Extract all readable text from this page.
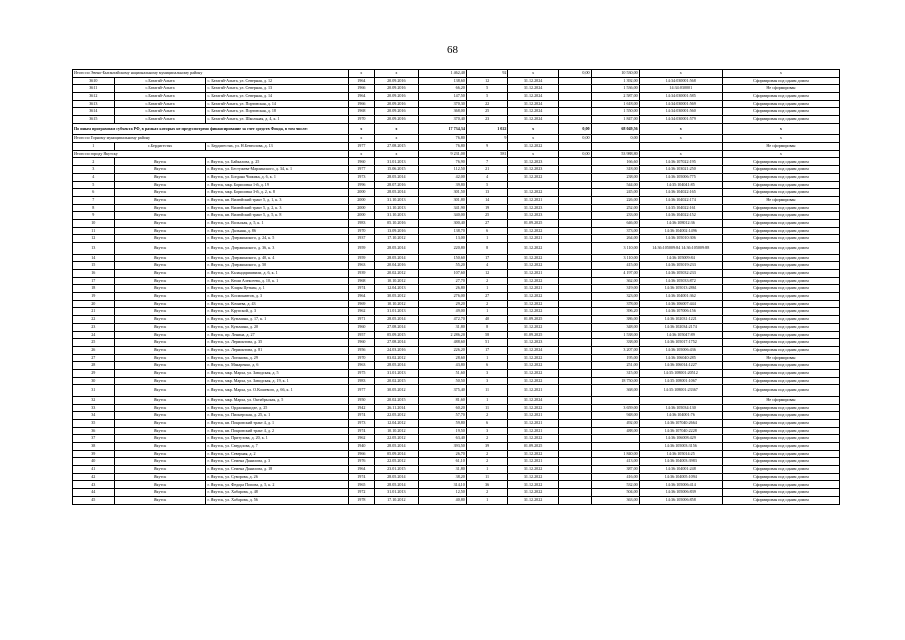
68
Итого по Эвено-Бытантайскому национальному муниципальному району			x	x	1 462,40	92	x	0,00	10 530,00	x	x
3610	с.Батагай-Алыта	с. Батагай-Алыта, ул. Северная, д. 12	1964	20.09.2016	138,60	12	31.12.2024		1 392,00	14:34:030001:568	Сформирован под одним домом
3611	с.Батагай-Алыта	с. Батагай-Алыта, ул. Северная, д. 13	1966	20.09.2016	66,20	5	31.12.2024		1 536,00	14:34:030001	Не сформирован
3612	с.Батагай-Алыта	с. Батагай-Алыта, ул. Северная, д. 14	1964	20.09.2016	147,50	5	31.12.2024		2 587,00	14:34:030001:585	Сформирован под одним домом
3613	с.Батагай-Алыта	с. Батагай-Алыта, ул. Портовская, д. 14	1966	20.09.2016	370,30	22	31.12.2024		1 618,00	14:34:030001:569	Сформирован под одним домом
3614	с.Батагай-Алыта	с. Батагай-Алыта, ул. Портовская, д. 18	1968	20.09.2016	368,00	25	31.12.2024		1 550,00	14:34:030001:560	Сформирован под одним домом
3615	с.Батагай-Алыта	с. Батагай-Алыта, ул. Школьная, д. 4, к. 1	1970	20.09.2016	370,40	23	31.12.2024		1 847,00	14:34:030001:579	Сформирован под одним домом
По иным программам субъекта РФ, в рамках которых не предусмотрено финансирование за счет средств Фонда, в том числе:			x	x	17 734,34	1 022	x	0,00	68 049,56	x	x
Итого по Горному муниципальному району			x	x	76,80	9	x	0,00	0,00	x	x
1	с.Бердигестях	с. Бердигестях, ул. Н.Бевеолова, д. 13	1977	27.08.2015	76,80	9	31.12.2022				Не сформирован
Итого по городу Якутску			x	x	9 231,00	581	x	0,00	53 988,80	x	x
2	Якутск	г. Якутск, ул. Байкалова, д. 25	1960	31.01.2013	76,90	7	31.12.2023		166,60	14:36:107022:195	Сформирован под одним домом
3	Якутск	г. Якутск, ул. Бестужева-Марлинского, д. 34, к. 1	1977	15.06.2015	112,50	21	31.12.2023		318,00	14:36:103021:250	Сформирован под одним домом
4	Якутск	г. Якутск, ул. Богдана Чижика, д. 6, к. 1	1973	28.05.2014	42,00	4	31.12.2022		238,00	14:36:105006:775	Сформирован под одним домом
5	Якутск	г. Якутск, мкр. Борисовка 1-й, д. 19	1996	28.07.2016	39,80	5			544,00	14:35:104041:85	Сформирован под одним домом
6	Якутск	г. Якутск, мкр. Борисовка 3-й, д. 2, к. 8	2000	28.05.2014	301,50	13	31.12.2022		245,00	14:36:104022:165	Сформирован под одним домом
7	Якутск	г. Якутск, кв. Вилюйский тракт 5, д. 1, к. 3	2000	31.10.2013	301,80	14	31.12.2021		226,00	14:36:104022:174	Не сформирован
8	Якутск	г. Якутск, кв. Вилюйский тракт 5, д. 2, к. 3	2000	31.10.2013	341,90	19	31.12.2023		252,00	14:35:104022:161	Сформирован под одним домом
9	Якутск	г. Якутск, кв. Вилюйский тракт 5, д. 5, к. 8	2000	31.10.2013	340,00	25	31.12.2023		233,00	14:36:104022:152	Сформирован под одним домом
10	Якутск	г. Якутск, ул. Вольская, д. 5, к. 1	1983	05.10.2016	300,40	27	01.09.2025		646,00	14:36:108012:36	Сформирован под одним домом
11	Якутск	г. Якутск, ул. Дальняя, д. 86	1970	13.09.2016	138,70	6	31.12.2022		373,00	14:36:104002:1496	Сформирован под одним домом
12	Якутск	г. Якутск, ул. Дзержинского, д. 24, к. 5	1937	17.10.2012	13,00	1	31.12.2021		264,00	14:36:105010:306	Сформирован под одним домом
13	Якутск	г. Якутск, ул. Дзержинского, д. 36, к. 3	1959	28.05.2014	220,80	8	31.12.2022		3 110,00	14:36:105009:84 14:36:105009:88	Сформирован под одним домом
14	Якутск	г. Якутск, ул. Дзержинского, д. 40, к. 4	1959	28.05.2014	150,60	17	31.12.2022		3 110,00	14:36:105009:84	Сформирован под одним домом
15	Якутск	г. Якутск, ул. Дзержинского, д. 50	1963	20.04.2016	55,20	4	31.12.2022		415,00	14:36:105019:233	Сформирован под одним домом
16	Якутск	г. Якутск, ул. Каландаришвили, д. 6, к. 1	1939	20.02.2012	107,60	12	31.12.2021		4 197,00	14:36:105032:233	Сформирован под одним домом
17	Якутск	г. Якутск, ул. Кеши Алексеева, д. 10, к. 1	1968	10.10.2012	27,70	2	31.12.2022		362,00	14:36:105033:872	Сформирован под одним домом
18	Якутск	г. Якутск, ул. Клары Цеткин, д. 1	1974	12.04.2013	26,80	1	31.12.2021		319,00	14:36:105013:2861	Сформирован под одним домом
19	Якутск	г. Якутск, ул. Космонавтов, д. 3	1964	30.05.2012	276,00	27	31.12.2022		323,00	14:36:104001:362	Сформирован под одним домом
20	Якутск	г. Якутск, ул. Кочнева, д. 43	1969	10.10.2012	29,20	2	31.12.2022		378,00	14:36:106007:444	Сформирован под одним домом
21	Якутск	г. Якутск, ул. Крупской, д. 3	1962	31.01.2013	49,00	1	31.12.2022		396,20	14:36:107006:156	Сформирован под одним домом
22	Якутск	г. Якутск, ул. Кузьмина, д. 17, к. 1	1971	28.05.2014	472,70	40	01.09.2025		386,00	14:36:102031:1221	Сформирован под одним домом
23	Якутск	г. Якутск, ул. Кузьмина, д. 20	1960	27.08.2014	31,80	8	31.12.2022		348,00	14:36:102034:2174	Сформирован под одним домом
24	Якутск	г. Якутск, пр. Ленина, д. 27	1957	05.09.2015	2 286,20	58	01.09.2025		1 538,00	14:36:105047:89	Сформирован под одним домом
25	Якутск	г. Якутск, ул. Лермонтова, д. 35	1960	27.08.2014	488,60	51	31.12.2023		338,00	14:36:105017:1752	Сформирован под одним домом
26	Якутск	г. Якутск, ул. Лермонтова, д. 81	1956	24.03.2016	226,20	17	31.12.2024		3 207,00	14:36:105006:436	Сформирован под одним домом
27	Якутск	г. Якутск, ул. Логинова, д. 29	1970	03.02.2012	28,60	1	31.12.2022		195,00	14:36:106040:285	Не сформирован
28	Якутск	г. Якутск, ул. Макаренко, д. 6	1963	28.05.2014	43,80	6	31.12.2022		251,00	14:36:106014:1227	Сформирован под одним домом
29	Якутск	г. Якутск, мкр. Марха, ул. Заводская, д. 5	1975	31.01.2013	51,60	3	31.12.2022		315,00	14:35:108001:20512	Сформирован под одним домом
30	Якутск	г. Якутск, мкр. Марха, ул. Заводская, д. 19, к. 1	1983	20.02.2015	50,50	3	31.12.2022		18 750,00	14:35:108001:1067	Сформирован под одним домом
31	Якутск	г. Якутск, мкр. Марха, ул. О.Кошевого, д. 66, к. 1	1977	30.05.2012	375,40	11	31.12.2021		368,00	14:35:108001:23367	Сформирован под одним домом
32	Якутск	г. Якутск, мкр. Марха, ул. Октябрьская, д. 5	1950	20.02.2015	81,60	1	31.12.2024				Не сформирован
33	Якутск	г. Якутск, ул. Орджоникидзе, д. 25	1942	26.11.2014	60,20	11	31.12.2022		3 659,00	14:36:105034:130	Сформирован под одним домом
34	Якутск	г. Якутск, ул. Пионерская, д. 25, к. 1	1974	22.05.2012	57,70	2	31.12.2021		948,00	14:36:104001:76	Сформирован под одним домом
35	Якутск	г. Якутск, кв. Покровский тракт 4, д. 1	1973	12.04.2012	59,80	6	31.12.2021		492,00	14:36:107040:2664	Сформирован под одним домом
36	Якутск	г. Якутск, кв. Покровский тракт 4, д. 2	1974	10.10.2012	19,50	3	31.12.2021		488,00	14:36:107040:2228	Сформирован под одним домом
37	Якутск	г. Якутск, ул. Притузова, д. 20, к. 1	1962	22.05.2012	63,40	2	31.12.2022			14:36:106008:429	Сформирован под одним домом
38	Якутск	г. Якутск, ул. Свердлова, д. 7	1940	28.05.2014	393,50	39	01.09.2025			14:36:105003:3156	Сформирован под одним домом
39	Якутск	г. Якутск, ул. Северная, д. 2	1966	05.09.2014	26,70	2	31.12.2022		1 840,00	14:36:105014:25	Сформирован под одним домом
40	Якутск	г. Якутск, ул. Семена Данилова, д. 3	1976	22.05.2012	61,10	2	31.12.2021		413,00	14:36:104003:3983	Сформирован под одним домом
41	Якутск	г. Якутск, ул. Семена Данилова, д. 18	1964	23.01.2015	31,80	1	31.12.2022		387,00	14:36:104001:248	Сформирован под одним домом
42	Якутск	г. Якутск, ул. Суворова, д. 26	1974	28.05.2014	38,20	11	31.12.2022		416,00	14:36:104005:1094	Сформирован под одним домом
43	Якутск	г. Якутск, ул. Федора Попова, д. 5, к. 2	1965	28.05.2014	314,10	36	31.12.2022		532,00	14:36:105006:414	Сформирован под одним домом
44	Якутск	г. Якутск, ул. Хабарова, д. 48	1972	31.01.2013	12,50	2	31.12.2022		504,00	14:36:105006:839	Сформирован под одним домом
45	Якутск	г. Якутск, ул. Хабарова, д. 56	1978	17.10.2012	40,80	1	31.12.2022		363,00	14:36:105006:858	Сформирован под одним домом
